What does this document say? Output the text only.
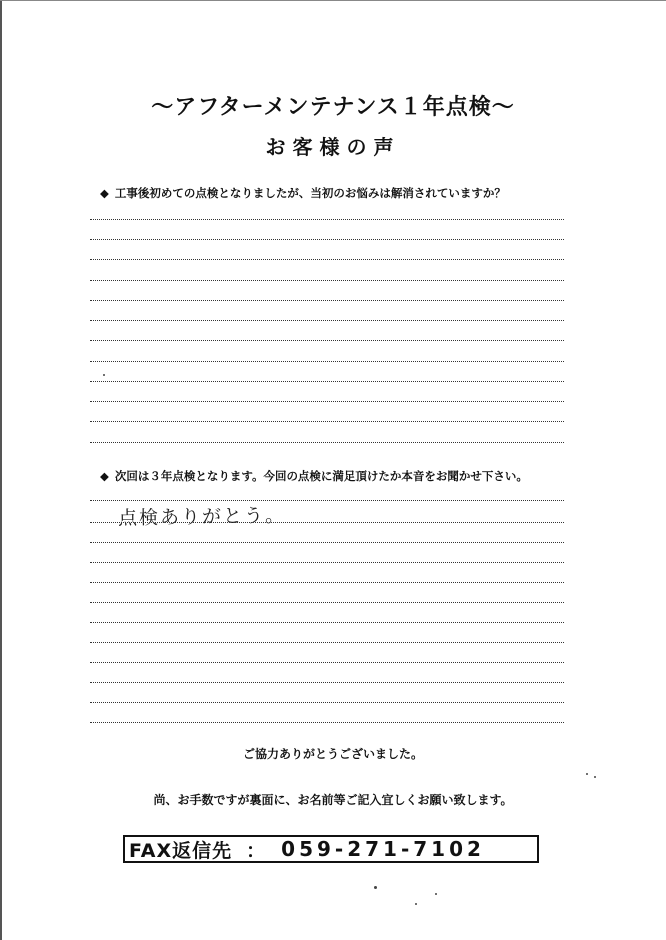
～アフターメンテナンス１年点検～
お客様の声
◆ 工事後初めての点検となりましたが、当初のお悩みは解消されていますか？
◆ 次回は３年点検となります。今回の点検に満足頂けたか本音をお聞かせ下さい。
点検ありがとう。
ご協力ありがとうございました。
尚、お手数ですが裏面に、お名前等ご記入宜しくお願い致します。
FAX返信先 ： 059-271-7102
